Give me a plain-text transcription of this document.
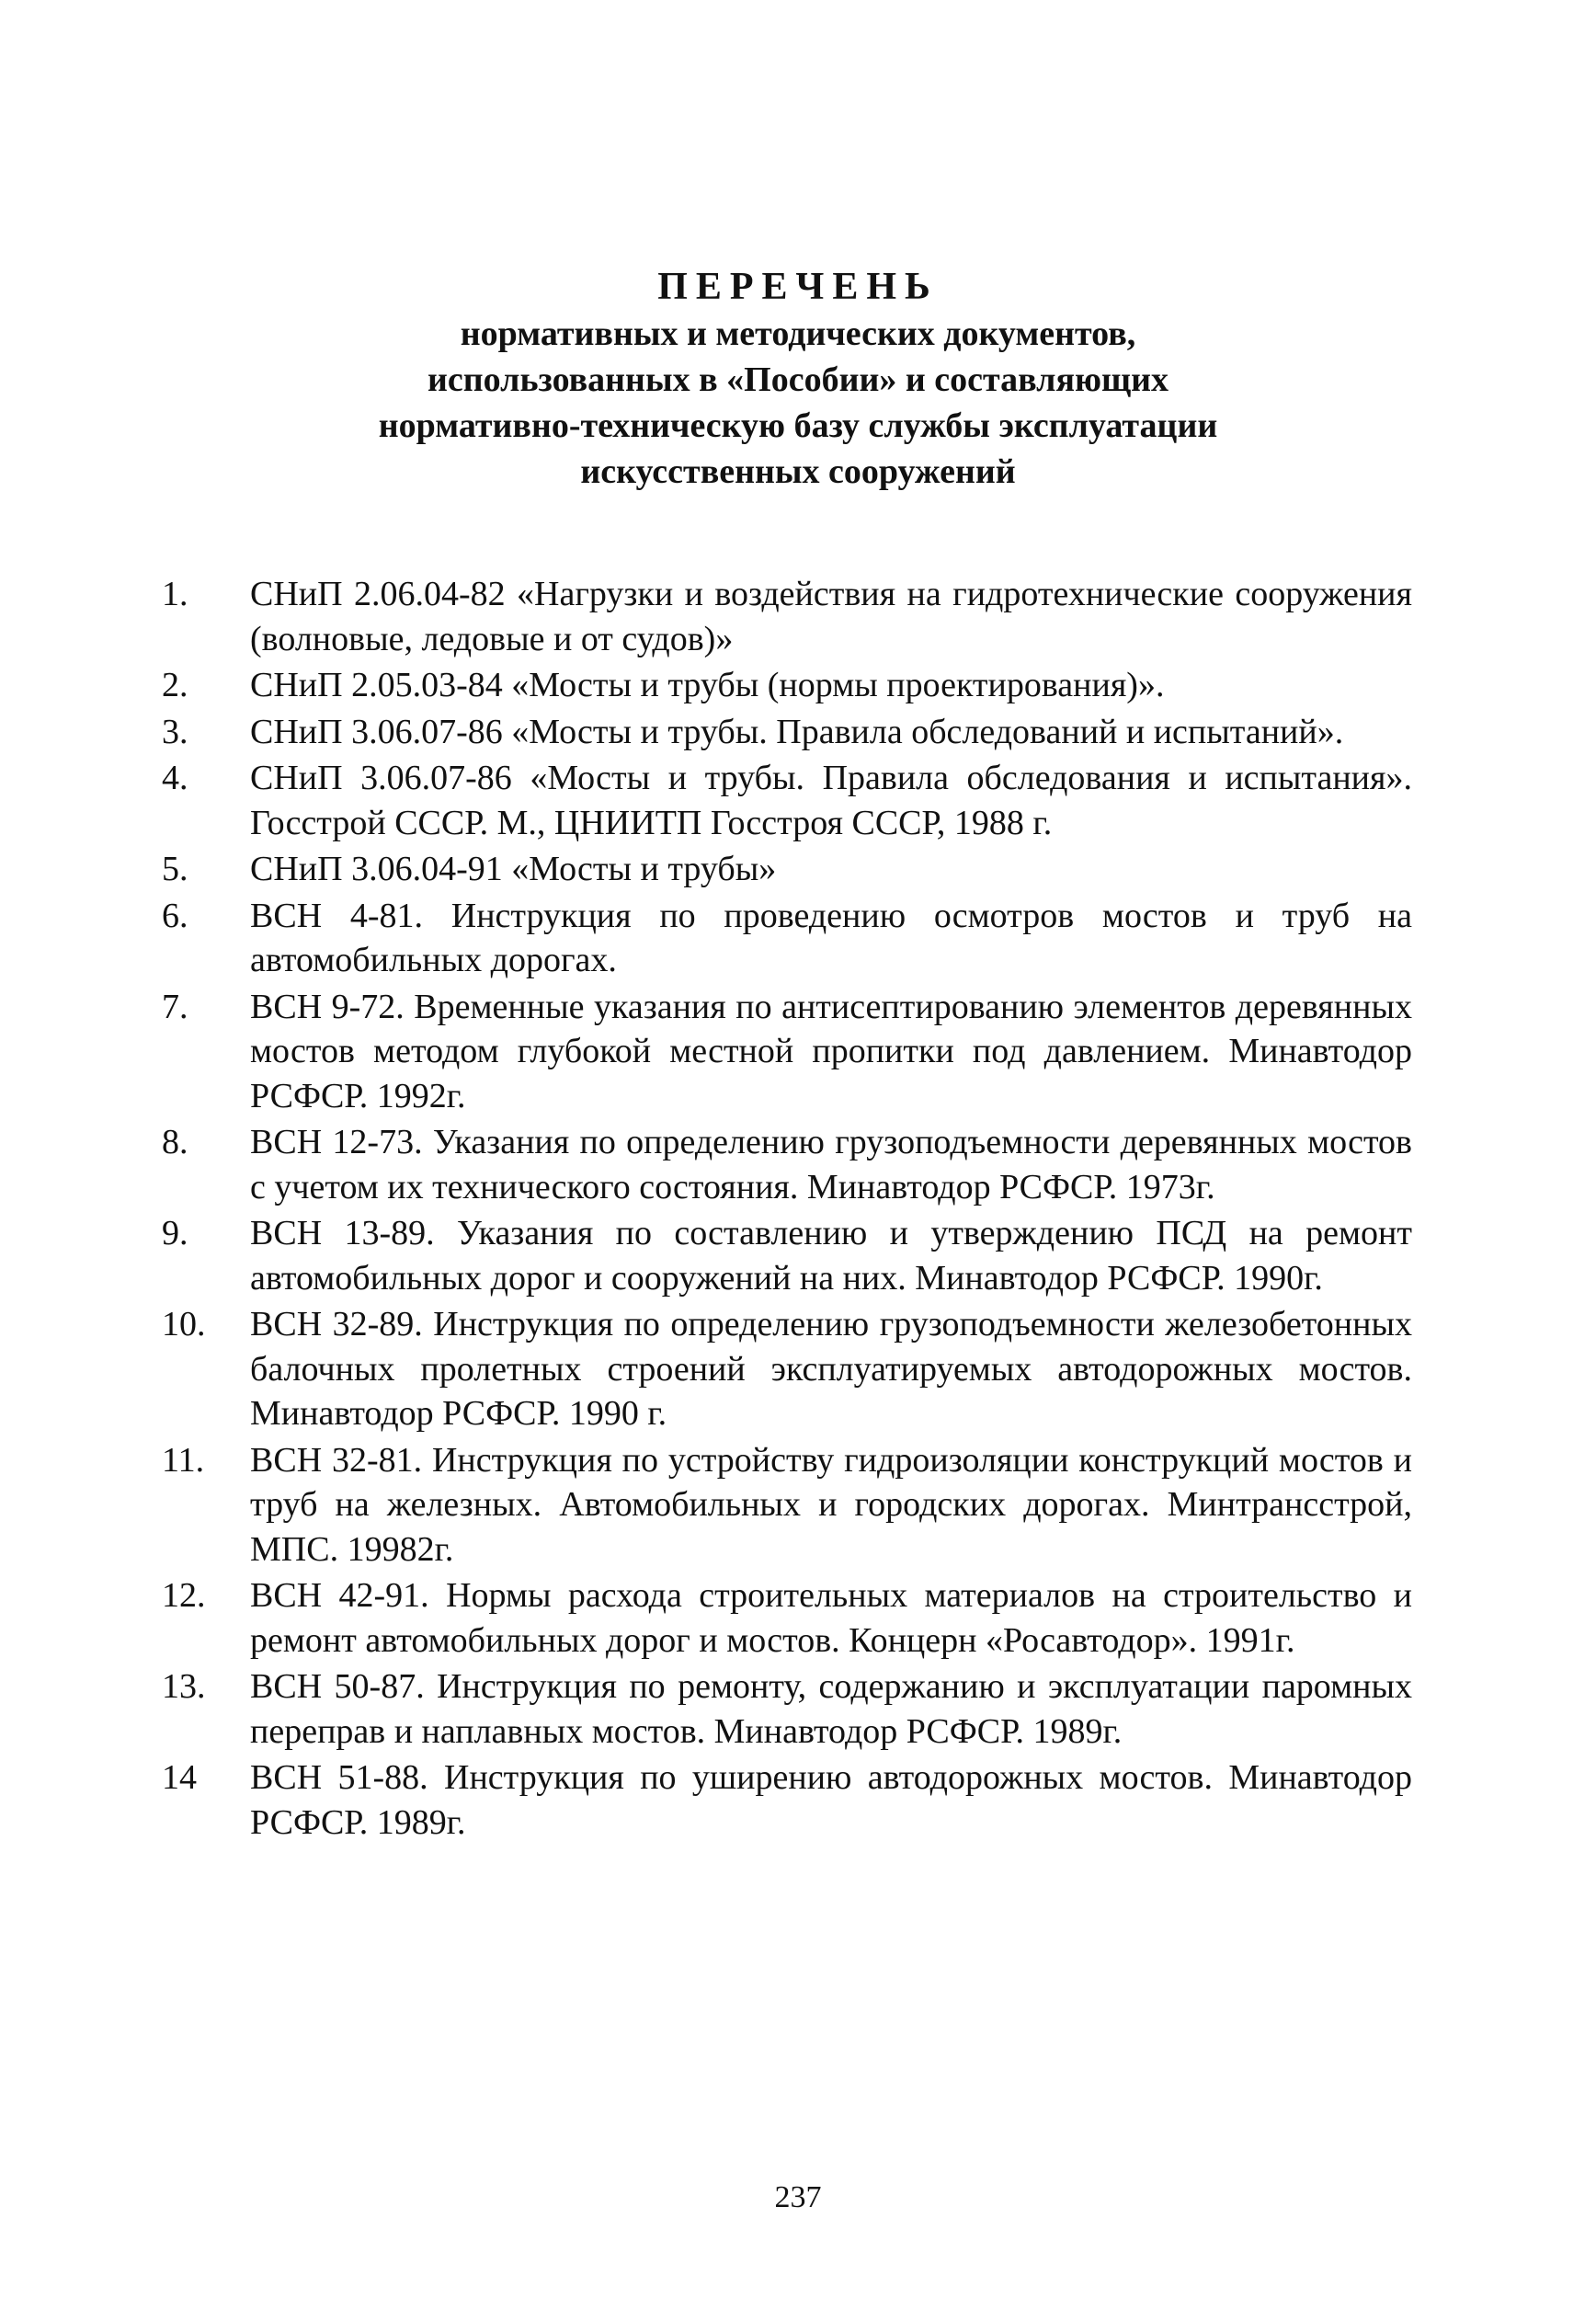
ПЕРЕЧЕНЬ
нормативных и методических документов,
использованных в «Пособии» и составляющих
нормативно-техническую базу службы эксплуатации
искусственных сооружений
1.	СНиП 2.06.04-82 «Нагрузки и воздействия на гидротехнические сооружения (волновые, ледовые и от судов)»
2.	СНиП 2.05.03-84 «Мосты и трубы (нормы проектирования)».
3.	СНиП 3.06.07-86 «Мосты и трубы. Правила обследований и испытаний».
4.	СНиП 3.06.07-86 «Мосты и трубы. Правила обследования и испытания». Госстрой СССР. М., ЦНИИТП Госстроя СССР, 1988 г.
5.	СНиП 3.06.04-91 «Мосты и трубы»
6.	ВСН 4-81. Инструкция по проведению осмотров мостов и труб на автомобильных дорогах.
7.	ВСН 9-72. Временные указания по антисептированию элементов деревянных мостов методом глубокой местной пропитки под давлением. Минавтодор РСФСР. 1992г.
8.	ВСН 12-73. Указания по определению грузоподъемности деревянных мостов с учетом их технического состояния. Минавтодор РСФСР. 1973г.
9.	ВСН 13-89. Указания по составлению и утверждению ПСД на ремонт автомобильных дорог и сооружений на них. Минавтодор РСФСР. 1990г.
10.	ВСН 32-89. Инструкция по определению грузоподъемности железобетонных балочных пролетных строений эксплуатируемых автодорожных мостов. Минавтодор РСФСР. 1990 г.
11.	ВСН 32-81. Инструкция по устройству гидроизоляции конструкций мостов и труб на железных. Автомобильных и городских дорогах. Минтрансстрой, МПС. 19982г.
12.	ВСН 42-91. Нормы расхода строительных материалов на строительство и ремонт автомобильных дорог и мостов. Концерн «Росавтодор». 1991г.
13.	ВСН 50-87. Инструкция по ремонту, содержанию и эксплуатации паромных переправ и наплавных мостов. Минавтодор РСФСР. 1989г.
14	ВСН 51-88. Инструкция по уширению автодорожных мостов. Минавтодор РСФСР. 1989г.
237
